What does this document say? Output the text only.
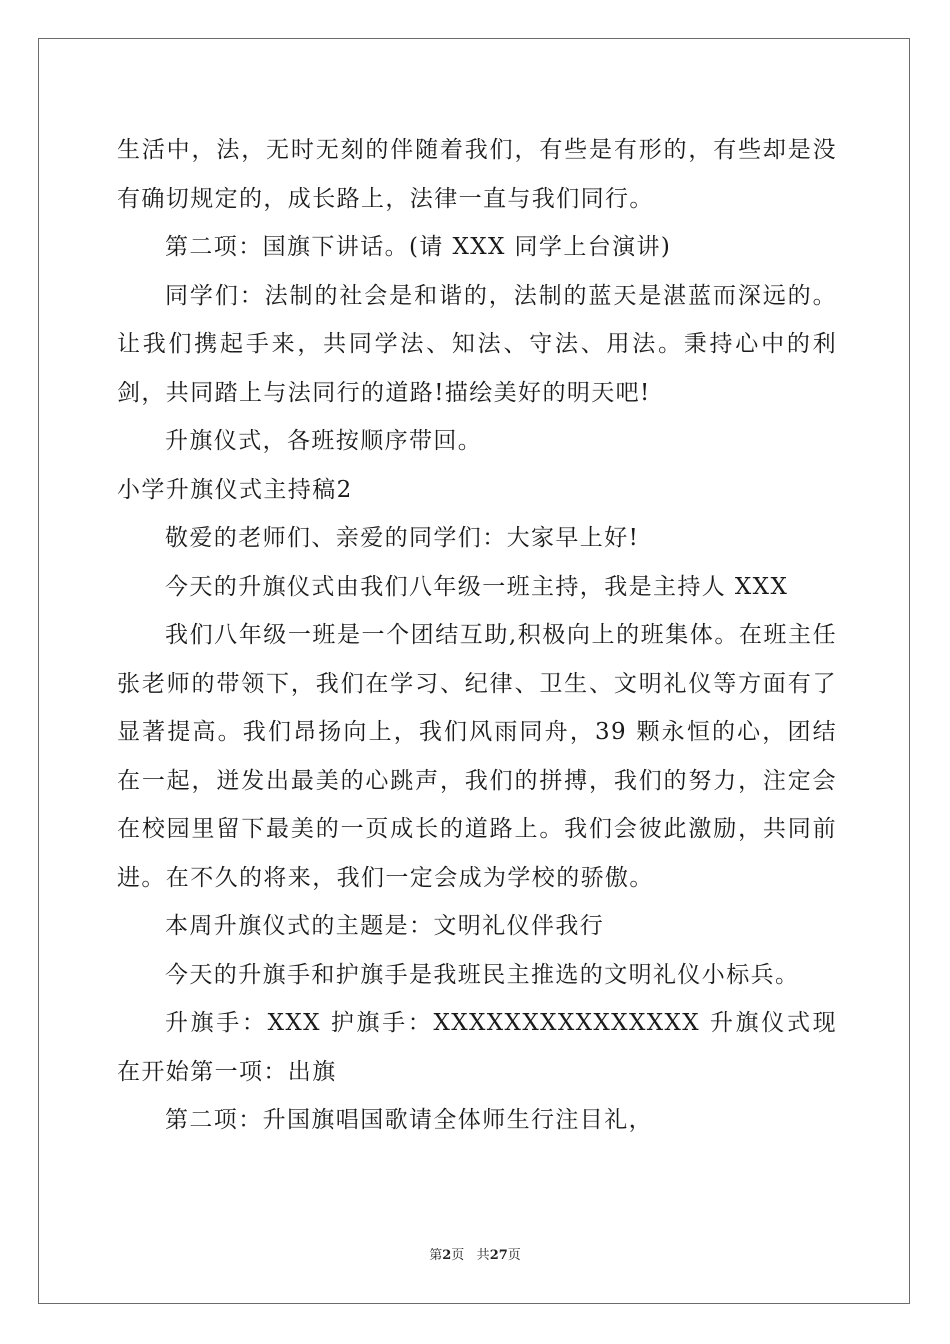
生活中，法，无时无刻的伴随着我们，有些是有形的，有些却是没有确切规定的，成长路上，法律一直与我们同行。

第二项：国旗下讲话。(请 XXX 同学上台演讲)

同学们：法制的社会是和谐的，法制的蓝天是湛蓝而深远的。让我们携起手来，共同学法、知法、守法、用法。秉持心中的利剑，共同踏上与法同行的道路!描绘美好的明天吧!

升旗仪式，各班按顺序带回。

小学升旗仪式主持稿2

敬爱的老师们、亲爱的同学们：大家早上好!

今天的升旗仪式由我们八年级一班主持，我是主持人 XXX

我们八年级一班是一个团结互助,积极向上的班集体。在班主任张老师的带领下，我们在学习、纪律、卫生、文明礼仪等方面有了显著提高。我们昂扬向上，我们风雨同舟，39 颗永恒的心，团结在一起，迸发出最美的心跳声，我们的拼搏，我们的努力，注定会在校园里留下最美的一页成长的道路上。我们会彼此激励，共同前进。在不久的将来，我们一定会成为学校的骄傲。

本周升旗仪式的主题是：文明礼仪伴我行

今天的升旗手和护旗手是我班民主推选的文明礼仪小标兵。

升旗手：XXX 护旗手：XXXXXXXXXXXXXXX 升旗仪式现在开始第一项：出旗

第二项：升国旗唱国歌请全体师生行注目礼，

第2页 共27页
